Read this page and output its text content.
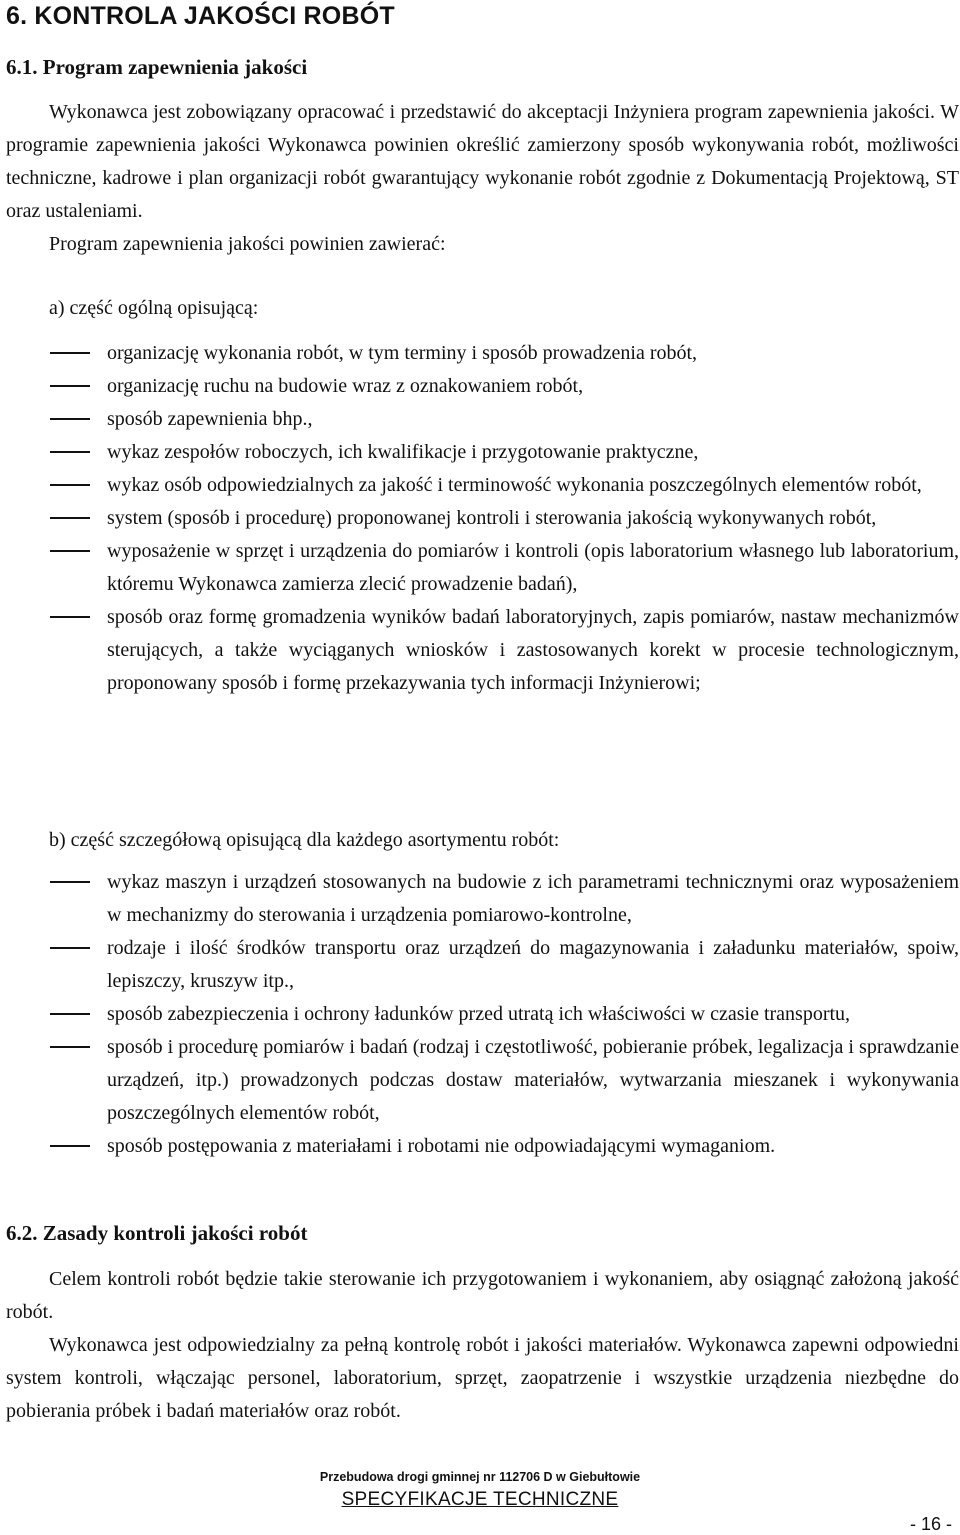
6. KONTROLA JAKOŚCI ROBÓT
6.1. Program zapewnienia jakości
Wykonawca jest zobowiązany opracować i przedstawić do akceptacji Inżyniera program zapewnienia jakości. W programie zapewnienia jakości Wykonawca powinien określić zamierzony sposób wykonywania robót, możliwości techniczne, kadrowe i plan organizacji robót gwarantujący wykonanie robót zgodnie z Dokumentacją Projektową, ST oraz ustaleniami.
Program zapewnienia jakości powinien zawierać:
a) część ogólną opisującą:
organizację wykonania robót, w tym terminy i sposób prowadzenia robót,
organizację ruchu na budowie wraz z oznakowaniem robót,
sposób zapewnienia bhp.,
wykaz zespołów roboczych, ich kwalifikacje i przygotowanie praktyczne,
wykaz osób odpowiedzialnych za jakość i terminowość wykonania poszczególnych elementów robót,
system (sposób i procedurę) proponowanej kontroli i sterowania jakością wykonywanych robót,
wyposażenie w sprzęt i urządzenia do pomiarów i kontroli (opis laboratorium własnego lub laboratorium, któremu Wykonawca zamierza zlecić prowadzenie badań),
sposób oraz formę gromadzenia wyników badań laboratoryjnych, zapis pomiarów, nastaw mechanizmów sterujących, a także wyciąganych wniosków i zastosowanych korekt w procesie technologicznym, proponowany sposób i formę przekazywania tych informacji Inżynierowi;
b) część szczegółową opisującą dla każdego asortymentu robót:
wykaz maszyn i urządzeń stosowanych na budowie z ich parametrami technicznymi oraz wyposażeniem w mechanizmy do sterowania i urządzenia pomiarowo-kontrolne,
rodzaje i ilość środków transportu oraz urządzeń do magazynowania i załadunku materiałów, spoiw, lepiszczy, kruszyw itp.,
sposób zabezpieczenia i ochrony ładunków przed utratą ich właściwości w czasie transportu,
sposób i procedurę pomiarów i badań (rodzaj i częstotliwość, pobieranie próbek, legalizacja i sprawdzanie urządzeń, itp.) prowadzonych podczas dostaw materiałów, wytwarzania mieszanek i wykonywania poszczególnych elementów robót,
sposób postępowania z materiałami i robotami nie odpowiadającymi wymaganiom.
6.2. Zasady kontroli jakości robót
Celem kontroli robót będzie takie sterowanie ich przygotowaniem i wykonaniem, aby osiągnąć założoną jakość robót.
Wykonawca jest odpowiedzialny za pełną kontrolę robót i jakości materiałów. Wykonawca zapewni odpowiedni system kontroli, włączając personel, laboratorium, sprzęt, zaopatrzenie i wszystkie urządzenia niezbędne do pobierania próbek i badań materiałów oraz robót.
Przebudowa drogi gminnej nr 112706 D w Giebułtowie
SPECYFIKACJE TECHNICZNE
- 16 -
